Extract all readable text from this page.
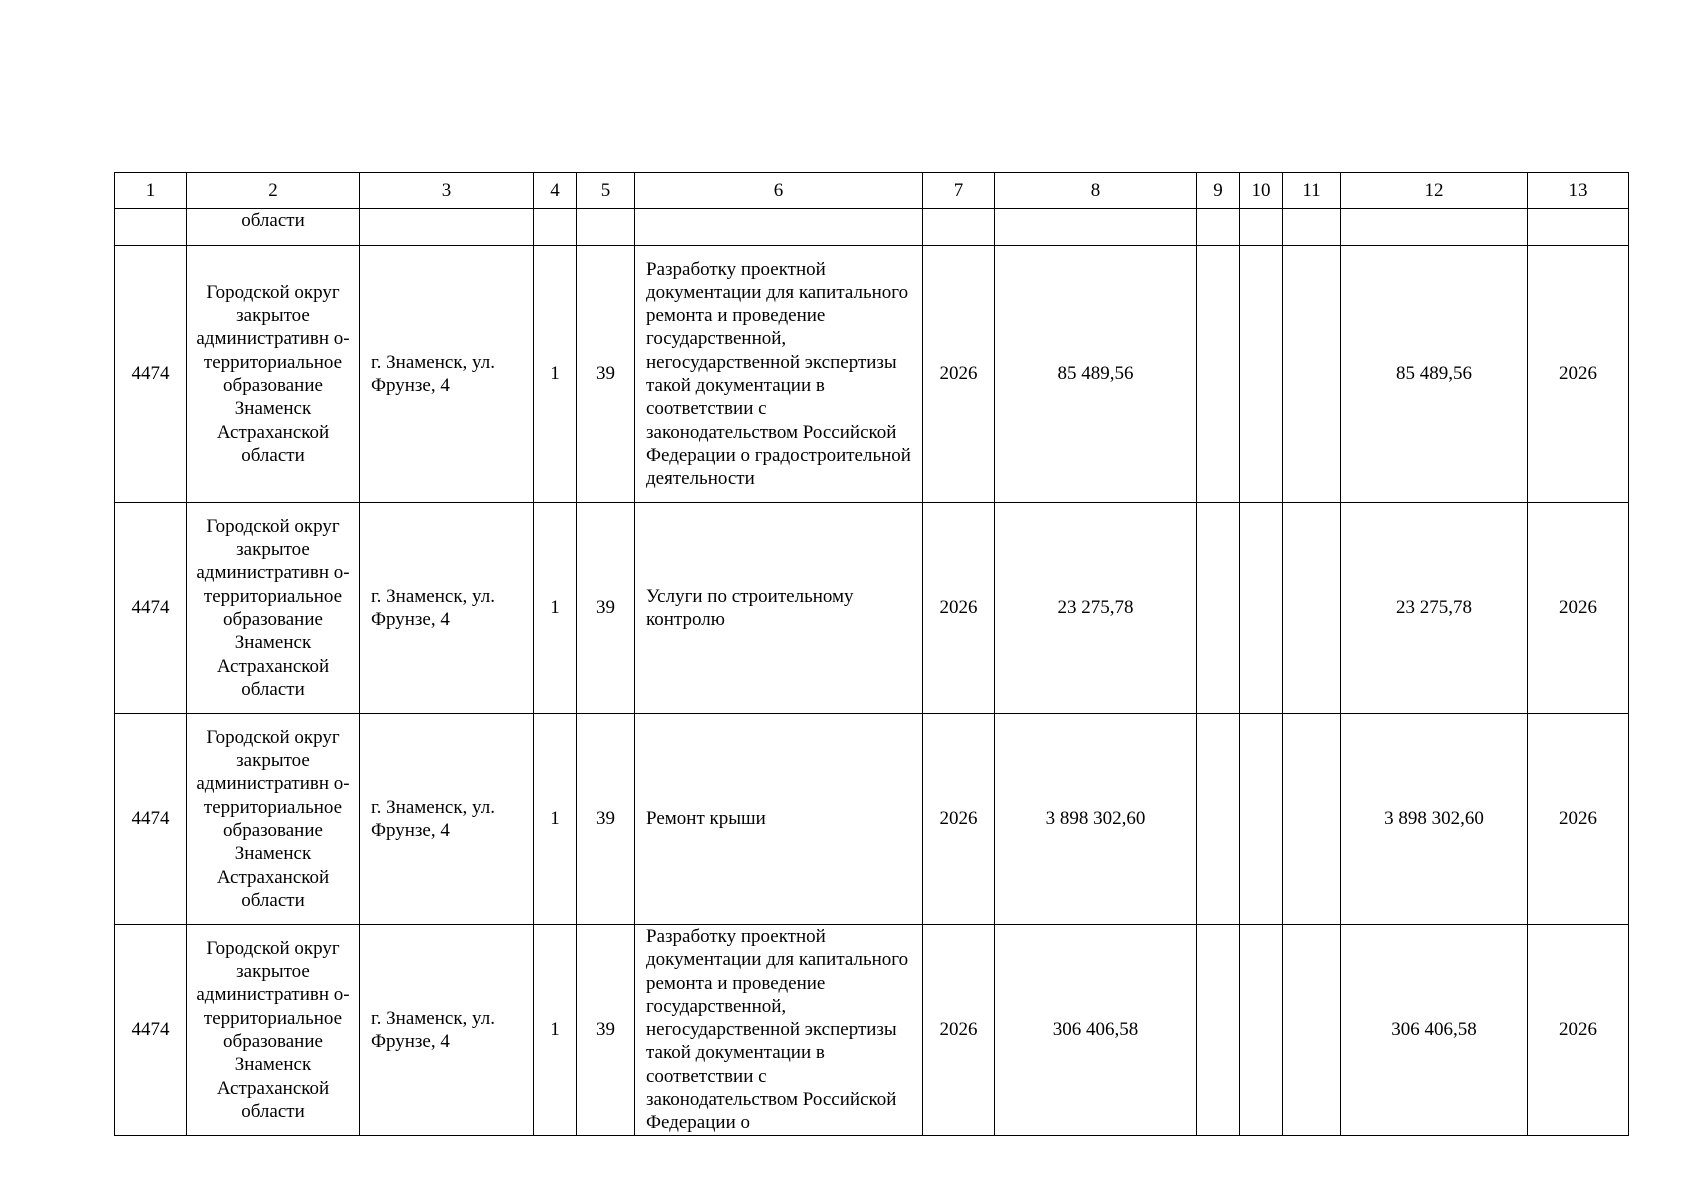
1	2	3	4	5	6	7	8	9	10	11	12	13
	области											
4474	Городской округ закрытое административн о- территориальное образование Знаменск Астраханской области	г. Знаменск, ул. Фрунзе, 4	1	39	Разработку проектной документации для капитального ремонта и проведение государственной, негосударственной экспертизы такой документации в соответствии с законодательством Российской Федерации о градостроительной деятельности	2026	85 489,56				85 489,56	2026
4474	Городской округ закрытое административн о- территориальное образование Знаменск Астраханской области	г. Знаменск, ул. Фрунзе, 4	1	39	Услуги по строительному контролю	2026	23 275,78				23 275,78	2026
4474	Городской округ закрытое административн о- территориальное образование Знаменск Астраханской области	г. Знаменск, ул. Фрунзе, 4	1	39	Ремонт крыши	2026	3 898 302,60				3 898 302,60	2026
4474	Городской округ закрытое административн о- территориальное образование Знаменск Астраханской области	г. Знаменск, ул. Фрунзе, 4	1	39	Разработку проектной документации для капитального ремонта и проведение государственной, негосударственной экспертизы такой документации в соответствии с законодательством Российской Федерации о	2026	306 406,58				306 406,58	2026
